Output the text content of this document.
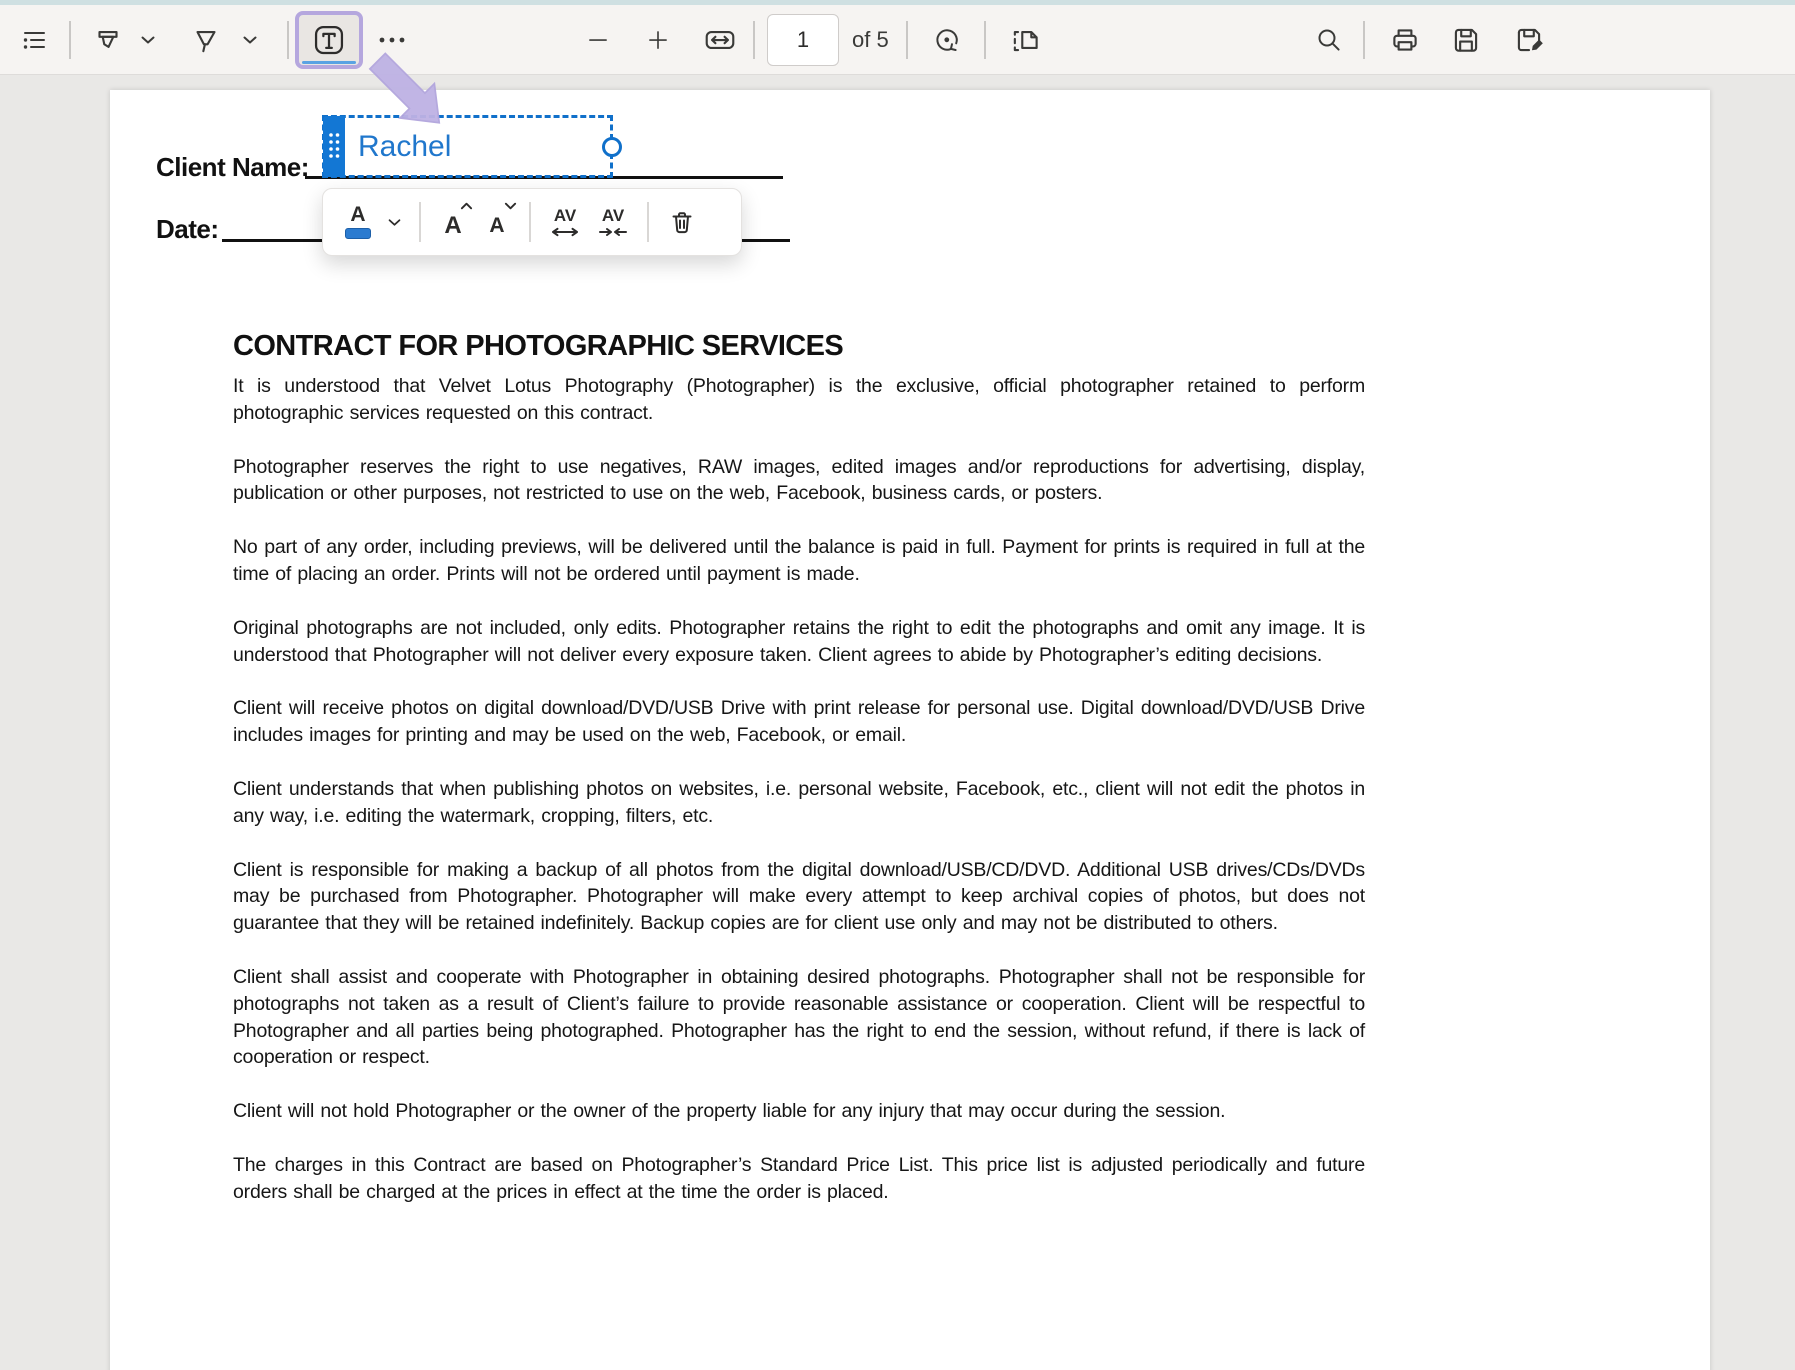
1
of 5
Client Name:
Date:
CONTRACT FOR PHOTOGRAPHIC SERVICES

It is understood that Velvet Lotus Photography (Photographer) is the exclusive, official photographer retained to perform photographic services requested on this contract.

Photographer reserves the right to use negatives, RAW images, edited images and/or reproductions for advertising, display, publication or other purposes, not restricted to use on the web, Facebook, business cards, or posters.

No part of any order, including previews, will be delivered until the balance is paid in full. Payment for prints is required in full at the time of placing an order. Prints will not be ordered until payment is made.

Original photographs are not included, only edits. Photographer retains the right to edit the photographs and omit any image. It is understood that Photographer will not deliver every exposure taken. Client agrees to abide by Photographer’s editing decisions.

Client will receive photos on digital download/DVD/USB Drive with print release for personal use. Digital download/DVD/USB Drive includes images for printing and may be used on the web, Facebook, or email.

Client understands that when publishing photos on websites, i.e. personal website, Facebook, etc., client will not edit the photos in any way, i.e. editing the watermark, cropping, filters, etc.

Client is responsible for making a backup of all photos from the digital download/USB/CD/DVD. Additional USB drives/CDs/DVDs may be purchased from Photographer. Photographer will make every attempt to keep archival copies of photos, but does not guarantee that they will be retained indefinitely. Backup copies are for client use only and may not be distributed to others.

Client shall assist and cooperate with Photographer in obtaining desired photographs. Photographer shall not be responsible for photographs not taken as a result of Client’s failure to provide reasonable assistance or cooperation. Client will be respectful to Photographer and all parties being photographed. Photographer has the right to end the session, without refund, if there is lack of cooperation or respect.

Client will not hold Photographer or the owner of the property liable for any injury that may occur during the session.

The charges in this Contract are based on Photographer’s Standard Price List. This price list is adjusted periodically and future orders shall be charged at the prices in effect at the time the order is placed.

Rachel
A	A A	AV AV
